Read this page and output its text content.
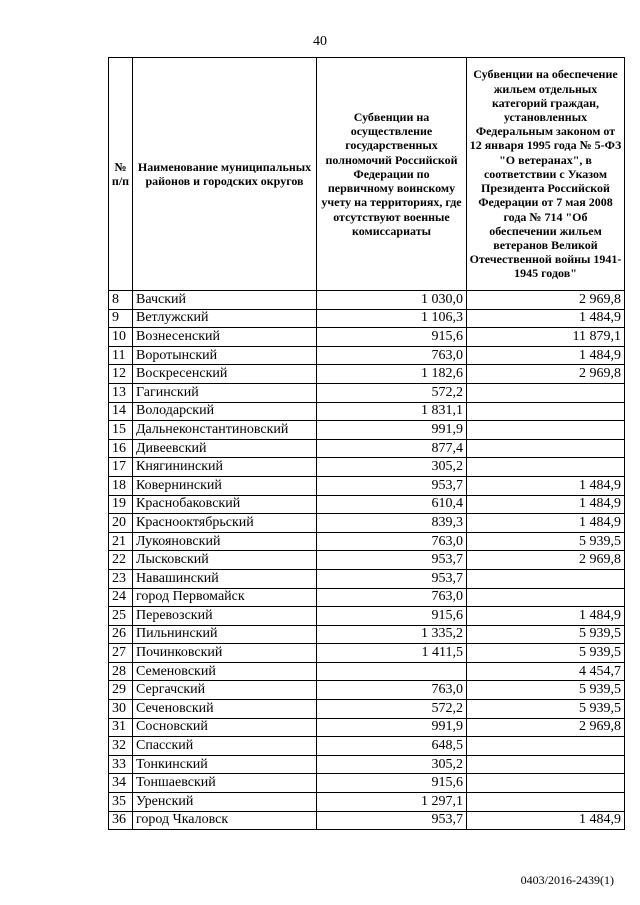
40
№ п/п	Наименование муниципальных районов и городских округов	Субвенции на осуществление государственных полномочий Российской Федерации по первичному воинскому учету на территориях, где отсутствуют военные комиссариаты	Субвенции на обеспечение жильем отдельных категорий граждан, установленных Федеральным законом от 12 января 1995 года № 5-ФЗ "О ветеранах", в соответствии с Указом Президента Российской Федерации от 7 мая 2008 года № 714 "Об обеспечении жильем ветеранов Великой Отечественной войны 1941-1945 годов"
8	Вачский	1 030,0	2 969,8
9	Ветлужский	1 106,3	1 484,9
10	Вознесенский	915,6	11 879,1
11	Воротынский	763,0	1 484,9
12	Воскресенский	1 182,6	2 969,8
13	Гагинский	572,2	
14	Володарский	1 831,1	
15	Дальнеконстантиновский	991,9	
16	Дивеевский	877,4	
17	Княгининский	305,2	
18	Ковернинский	953,7	1 484,9
19	Краснобаковский	610,4	1 484,9
20	Краснооктябрьский	839,3	1 484,9
21	Лукояновский	763,0	5 939,5
22	Лысковский	953,7	2 969,8
23	Навашинский	953,7	
24	город Первомайск	763,0	
25	Перевозский	915,6	1 484,9
26	Пильнинский	1 335,2	5 939,5
27	Починковский	1 411,5	5 939,5
28	Семеновский		4 454,7
29	Сергачский	763,0	5 939,5
30	Сеченовский	572,2	5 939,5
31	Сосновский	991,9	2 969,8
32	Спасский	648,5	
33	Тонкинский	305,2	
34	Тоншаевский	915,6	
35	Уренский	1 297,1	
36	город Чкаловск	953,7	1 484,9
0403/2016-2439(1)
